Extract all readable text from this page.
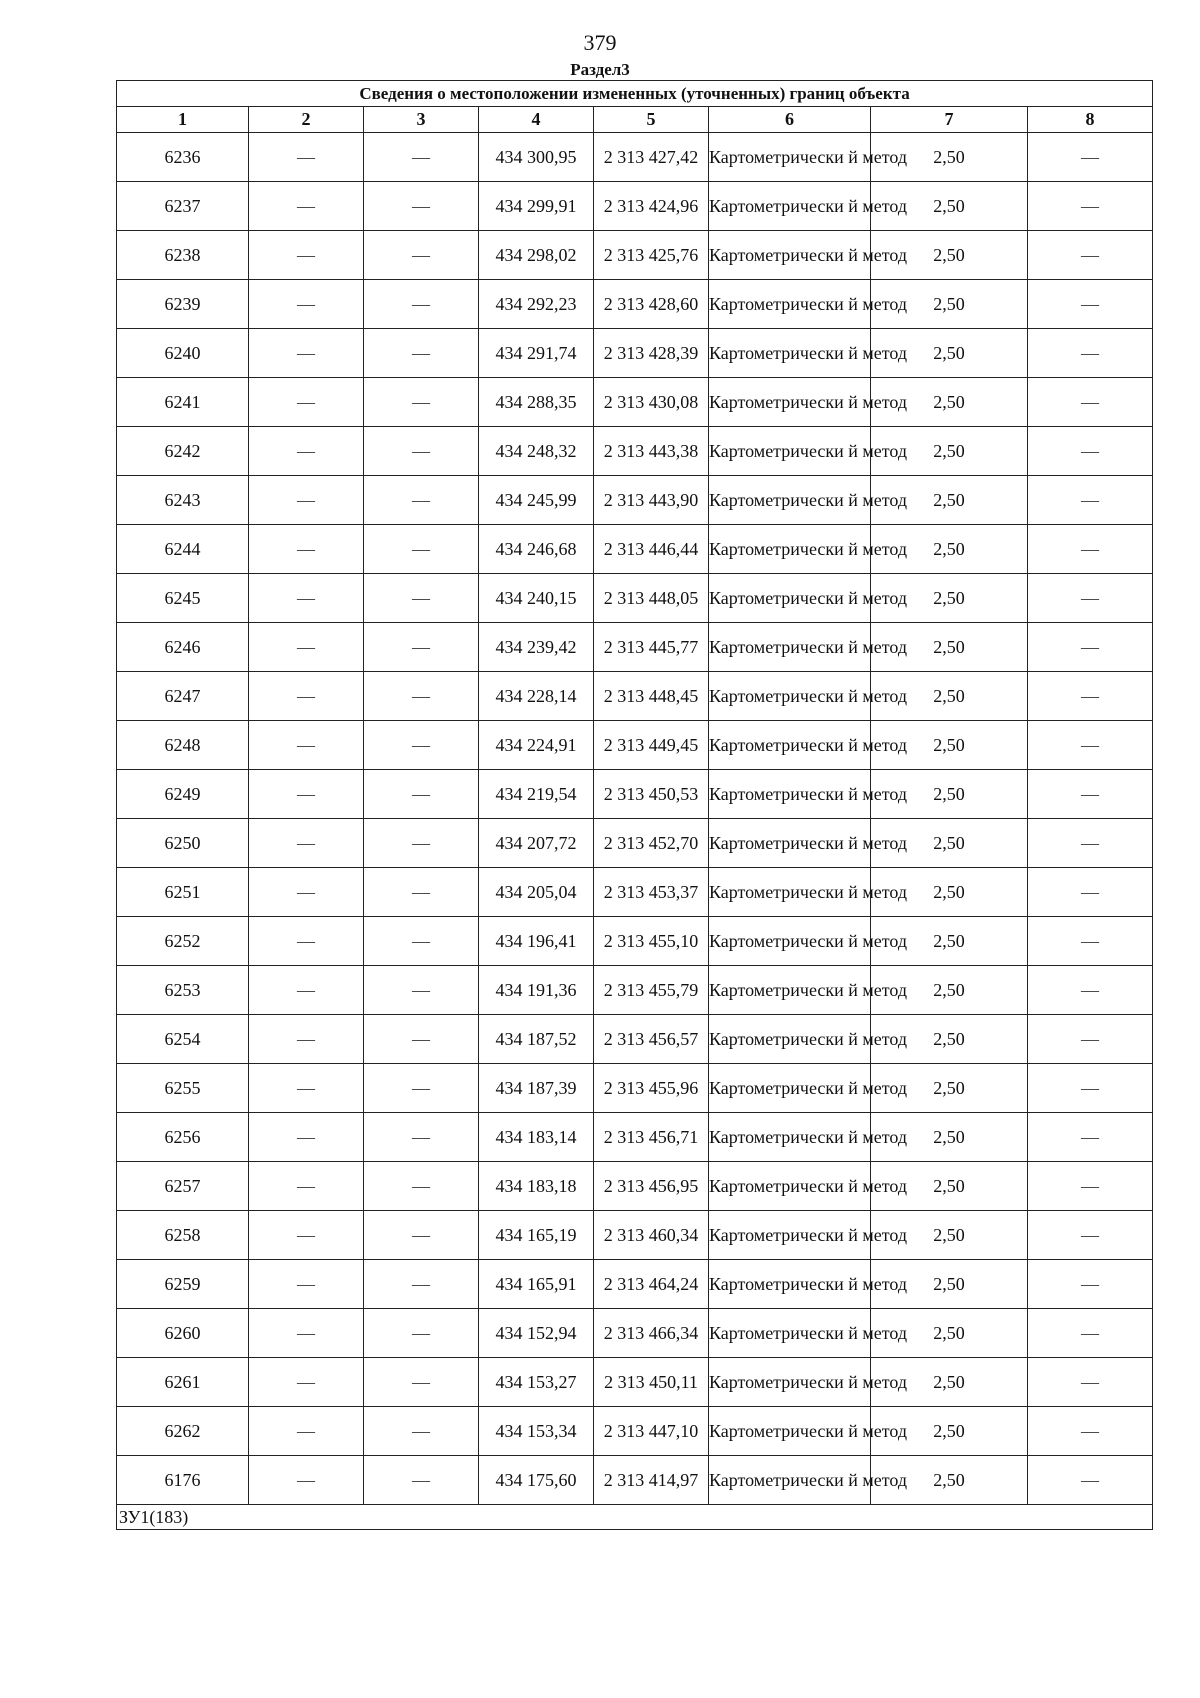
379
Раздел3
Сведения о местоположении измененных (уточненных) границ объекта							
1	2	3	4	5	6	7	8
6236	—	—	434 300,95	2 313 427,42	Картометрически й метод	2,50	—
6237	—	—	434 299,91	2 313 424,96	Картометрически й метод	2,50	—
6238	—	—	434 298,02	2 313 425,76	Картометрически й метод	2,50	—
6239	—	—	434 292,23	2 313 428,60	Картометрически й метод	2,50	—
6240	—	—	434 291,74	2 313 428,39	Картометрически й метод	2,50	—
6241	—	—	434 288,35	2 313 430,08	Картометрически й метод	2,50	—
6242	—	—	434 248,32	2 313 443,38	Картометрически й метод	2,50	—
6243	—	—	434 245,99	2 313 443,90	Картометрически й метод	2,50	—
6244	—	—	434 246,68	2 313 446,44	Картометрически й метод	2,50	—
6245	—	—	434 240,15	2 313 448,05	Картометрически й метод	2,50	—
6246	—	—	434 239,42	2 313 445,77	Картометрически й метод	2,50	—
6247	—	—	434 228,14	2 313 448,45	Картометрически й метод	2,50	—
6248	—	—	434 224,91	2 313 449,45	Картометрически й метод	2,50	—
6249	—	—	434 219,54	2 313 450,53	Картометрически й метод	2,50	—
6250	—	—	434 207,72	2 313 452,70	Картометрически й метод	2,50	—
6251	—	—	434 205,04	2 313 453,37	Картометрически й метод	2,50	—
6252	—	—	434 196,41	2 313 455,10	Картометрически й метод	2,50	—
6253	—	—	434 191,36	2 313 455,79	Картометрически й метод	2,50	—
6254	—	—	434 187,52	2 313 456,57	Картометрически й метод	2,50	—
6255	—	—	434 187,39	2 313 455,96	Картометрически й метод	2,50	—
6256	—	—	434 183,14	2 313 456,71	Картометрически й метод	2,50	—
6257	—	—	434 183,18	2 313 456,95	Картометрически й метод	2,50	—
6258	—	—	434 165,19	2 313 460,34	Картометрически й метод	2,50	—
6259	—	—	434 165,91	2 313 464,24	Картометрически й метод	2,50	—
6260	—	—	434 152,94	2 313 466,34	Картометрически й метод	2,50	—
6261	—	—	434 153,27	2 313 450,11	Картометрически й метод	2,50	—
6262	—	—	434 153,34	2 313 447,10	Картометрически й метод	2,50	—
6176	—	—	434 175,60	2 313 414,97	Картометрически й метод	2,50	—
ЗУ1(183)							
